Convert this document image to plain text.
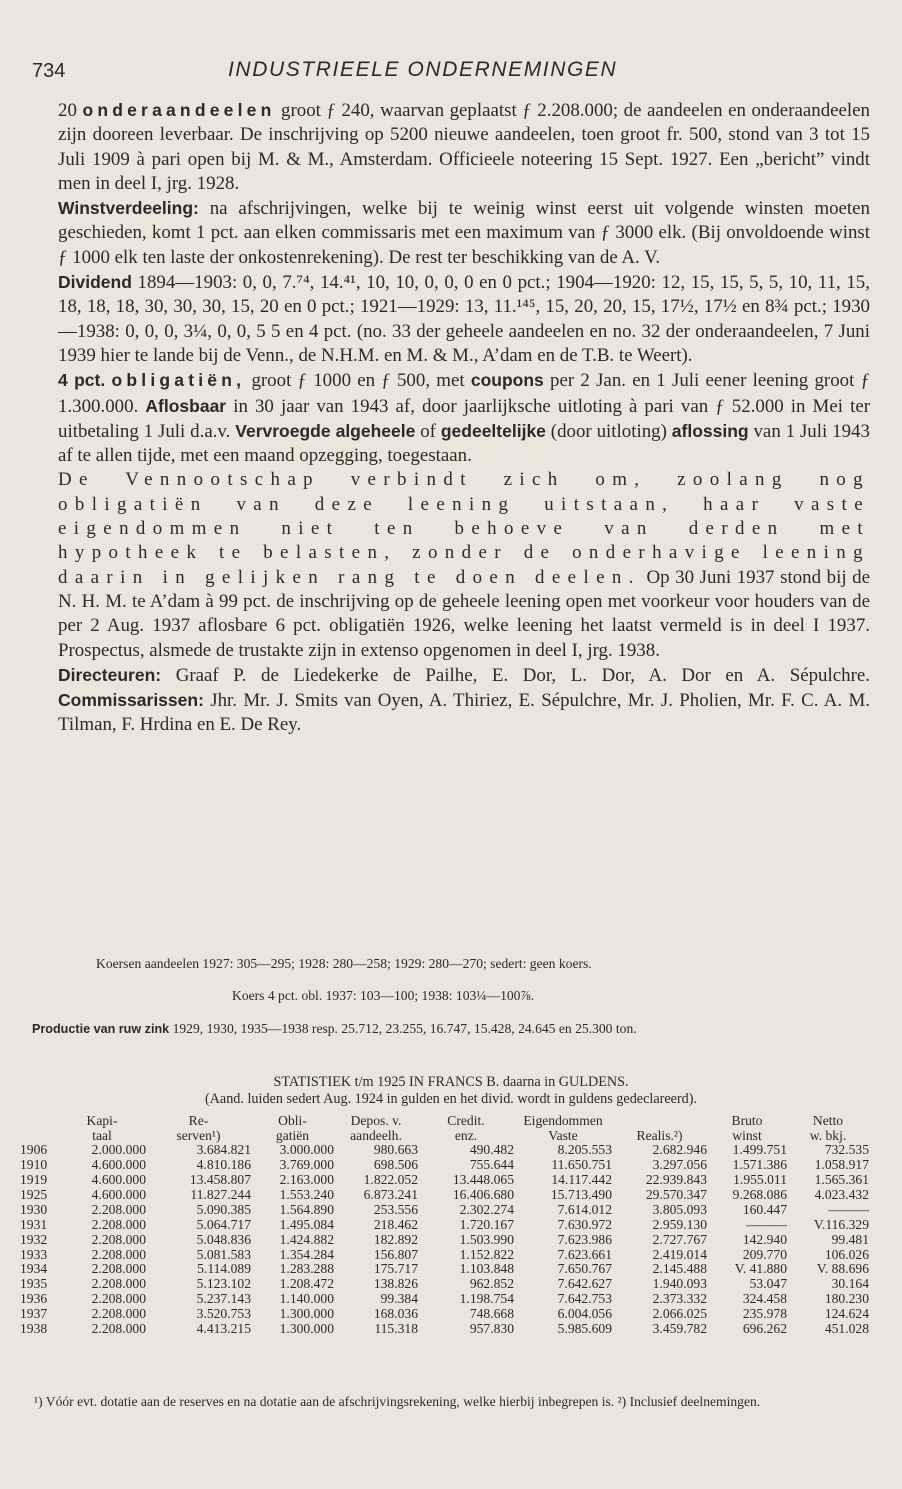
734	INDUSTRIEELE ONDERNEMINGEN

20 onderaandeelen groot ƒ 240, waarvan geplaatst ƒ 2.208.000; de aandeelen en onderaandeelen zijn dooreen leverbaar. De inschrijving op 5200 nieuwe aandeelen, toen groot fr. 500, stond van 3 tot 15 Juli 1909 à pari open bij M. & M., Amsterdam. Officieele noteering 15 Sept. 1927. Een „bericht” vindt men in deel I, jrg. 1928.

Winstverdeeling: na afschrijvingen, welke bij te weinig winst eerst uit volgende winsten moeten geschieden, komt 1 pct. aan elken commissaris met een maximum van ƒ 3000 elk. (Bij onvoldoende winst ƒ 1000 elk ten laste der onkostenrekening). De rest ter beschikking van de A. V.

Dividend 1894—1903: 0, 0, 7.⁷⁴, 14.⁴¹, 10, 10, 0, 0, 0 en 0 pct.; 1904—1920: 12, 15, 15, 5, 5, 10, 11, 15, 18, 18, 18, 30, 30, 30, 15, 20 en 0 pct.; 1921—1929: 13, 11.¹⁴⁵, 15, 20, 20, 15, 17½, 17½ en 8¾ pct.; 1930—1938: 0, 0, 0, 3¼, 0, 0, 5 5 en 4 pct. (no. 33 der geheele aandeelen en no. 32 der onderaandeelen, 7 Juni 1939 hier te lande bij de Venn., de N.H.M. en M. & M., A’dam en de T.B. te Weert).

4 pct. obligatiën, groot ƒ 1000 en ƒ 500, met coupons per 2 Jan. en 1 Juli eener leening groot ƒ 1.300.000. Aflosbaar in 30 jaar van 1943 af, door jaarlijksche uitloting à pari van ƒ 52.000 in Mei ter uitbetaling 1 Juli d.a.v. Vervroegde algeheele of gedeeltelijke (door uitloting) aflossing van 1 Juli 1943 af te allen tijde, met een maand opzegging, toegestaan.

De Vennootschap verbindt zich om, zoolang nog obligatiën van deze leening uitstaan, haar vaste eigendommen niet ten behoeve van derden met hypotheek te belasten, zonder de onderhavige leening daarin in gelijken rang te doen deelen. Op 30 Juni 1937 stond bij de N. H. M. te A’dam à 99 pct. de inschrijving op de geheele leening open met voorkeur voor houders van de per 2 Aug. 1937 aflosbare 6 pct. obligatiën 1926, welke leening het laatst vermeld is in deel I 1937. Prospectus, alsmede de trustakte zijn in extenso opgenomen in deel I, jrg. 1938.

Directeuren: Graaf P. de Liedekerke de Pailhe, E. Dor, L. Dor, A. Dor en A. Sépulchre. Commissarissen: Jhr. Mr. J. Smits van Oyen, A. Thiriez, E. Sépulchre, Mr. J. Pholien, Mr. F. C. A. M. Tilman, F. Hrdina en E. De Rey.

Koersen aandeelen 1927: 305—295; 1928: 280—258; 1929: 280—270; sedert: geen koers.
Koers 4 pct. obl. 1937: 103—100; 1938: 103¼—100⅞.
Productie van ruw zink 1929, 1930, 1935—1938 resp. 25.712, 23.255, 16.747, 15.428, 24.645 en 25.300 ton.
STATISTIEK t/m 1925 IN FRANCS B. daarna in GULDENS.
(Aand. luiden sedert Aug. 1924 in gulden en het divid. wordt in guldens gedeclareerd).
	Kapi-	Re-	Obli-	Depos. v.	Credit.	Eigendommen		Bruto	Netto
	taal	serven¹)	gatiën	aandeelh.	enz.	Vaste	Realis.²)	winst	w. bkj.
1906	2.000.000	3.684.821	3.000.000	980.663	490.482	8.205.553	2.682.946	1.499.751	732.535
1910	4.600.000	4.810.186	3.769.000	698.506	755.644	11.650.751	3.297.056	1.571.386	1.058.917
1919	4.600.000	13.458.807	2.163.000	1.822.052	13.448.065	14.117.442	22.939.843	1.955.011	1.565.361
1925	4.600.000	11.827.244	1.553.240	6.873.241	16.406.680	15.713.490	29.570.347	9.268.086	4.023.432
1930	2.208.000	5.090.385	1.564.890	253.556	2.302.274	7.614.012	3.805.093	160.447	———
1931	2.208.000	5.064.717	1.495.084	218.462	1.720.167	7.630.972	2.959.130	———	V.116.329
1932	2.208.000	5.048.836	1.424.882	182.892	1.503.990	7.623.986	2.727.767	142.940	99.481
1933	2.208.000	5.081.583	1.354.284	156.807	1.152.822	7.623.661	2.419.014	209.770	106.026
1934	2.208.000	5.114.089	1.283.288	175.717	1.103.848	7.650.767	2.145.488	V. 41.880	V. 88.696
1935	2.208.000	5.123.102	1.208.472	138.826	962.852	7.642.627	1.940.093	53.047	30.164
1936	2.208.000	5.237.143	1.140.000	99.384	1.198.754	7.642.753	2.373.332	324.458	180.230
1937	2.208.000	3.520.753	1.300.000	168.036	748.668	6.004.056	2.066.025	235.978	124.624
1938	2.208.000	4.413.215	1.300.000	115.318	957.830	5.985.609	3.459.782	696.262	451.028
¹) Vóór evt. dotatie aan de reserves en na dotatie aan de afschrijvingsrekening, welke hierbij inbegrepen is. ²) Inclusief deelnemingen.
